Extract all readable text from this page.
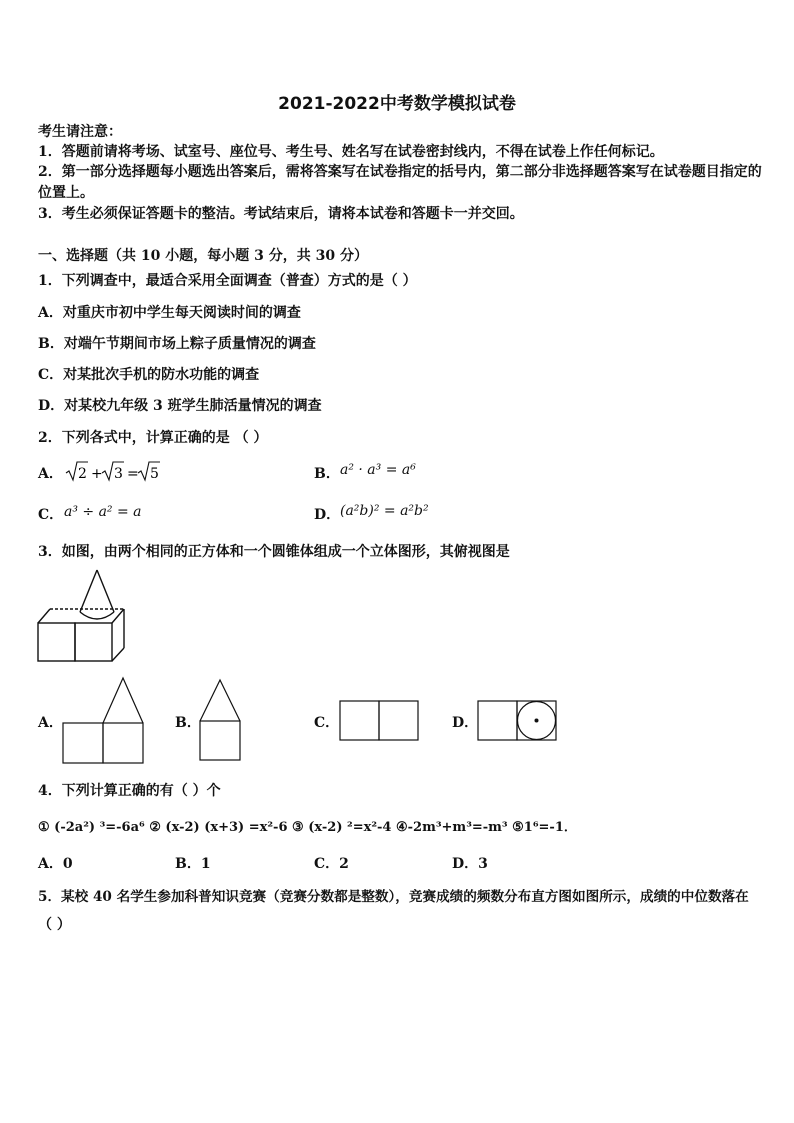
2021-2022中考数学模拟试卷
考生请注意：
1．答题前请将考场、试室号、座位号、考生号、姓名写在试卷密封线内，不得在试卷上作任何标记。
2．第一部分选择题每小题选出答案后，需将答案写在试卷指定的括号内，第二部分非选择题答案写在试卷题目指定的
位置上。
3．考生必须保证答题卡的整洁。考试结束后，请将本试卷和答题卡一并交回。
一、选择题（共 10 小题，每小题 3 分，共 30 分）
1．下列调查中，最适合采用全面调查（普查）方式的是（ ）
A．对重庆市初中学生每天阅读时间的调查
B．对端午节期间市场上粽子质量情况的调查
C．对某批次手机的防水功能的调查
D．对某校九年级 3 班学生肺活量情况的调查
2．下列各式中，计算正确的是 （ ）
A． 2 + 3 = 5	B． a² · a³ = a⁶
C． a³ ÷ a² = a	D． (a²b)² = a²b²
3．如图，由两个相同的正方体和一个圆锥体组成一个立体图形，其俯视图是
A．	B．	C．	D．
4．下列计算正确的有（ ）个
① (-2a²) ³=-6a⁶ ② (x-2) (x+3) =x²-6 ③ (x-2) ²=x²-4 ④-2m³+m³=-m³ ⑤1⁶=-1．
A．0	B．1	C．2	D．3
5．某校 40 名学生参加科普知识竞赛（竞赛分数都是整数），竞赛成绩的频数分布直方图如图所示，成绩的中位数落在
（ ）
